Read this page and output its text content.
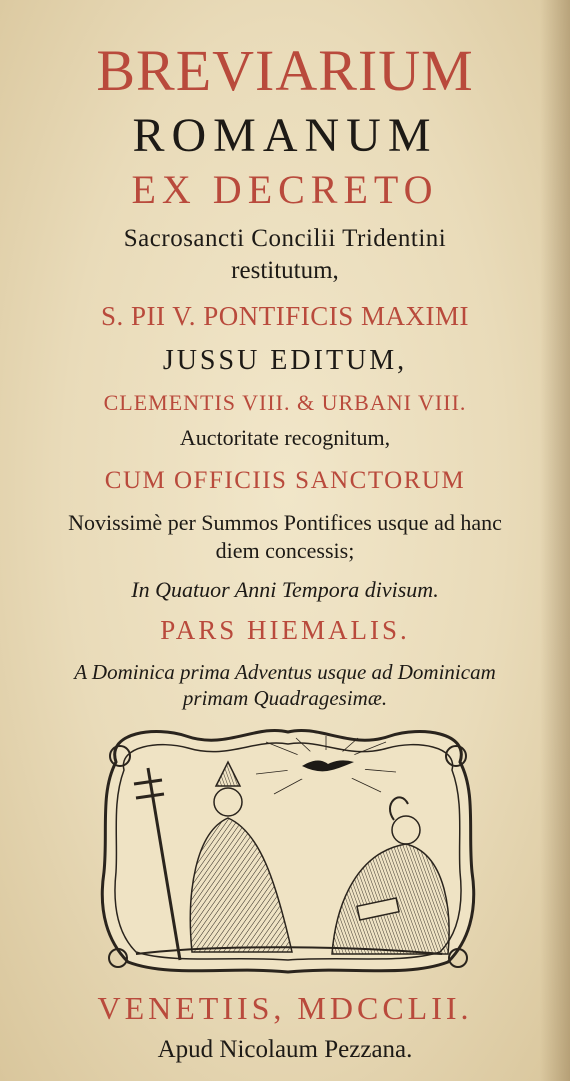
BREVIARIUM
ROMANUM
EX DECRETO
Sacrosancti Concilii Tridentini
restitutum,
S. PII V. PONTIFICIS MAXIMI
JUSSU EDITUM,
CLEMENTIS VIII. & URBANI VIII.
Auctoritate recognitum,
CUM OFFICIIS SANCTORUM
Novissimè per Summos Pontifices usque ad hanc
diem concessis;
In Quatuor Anni Tempora divisum.
PARS HIEMALIS.
A Dominica prima Adventus usque ad Dominicam
primam Quadragesimæ.
VENETIIS, MDCCLII.
Apud Nicolaum Pezzana.
